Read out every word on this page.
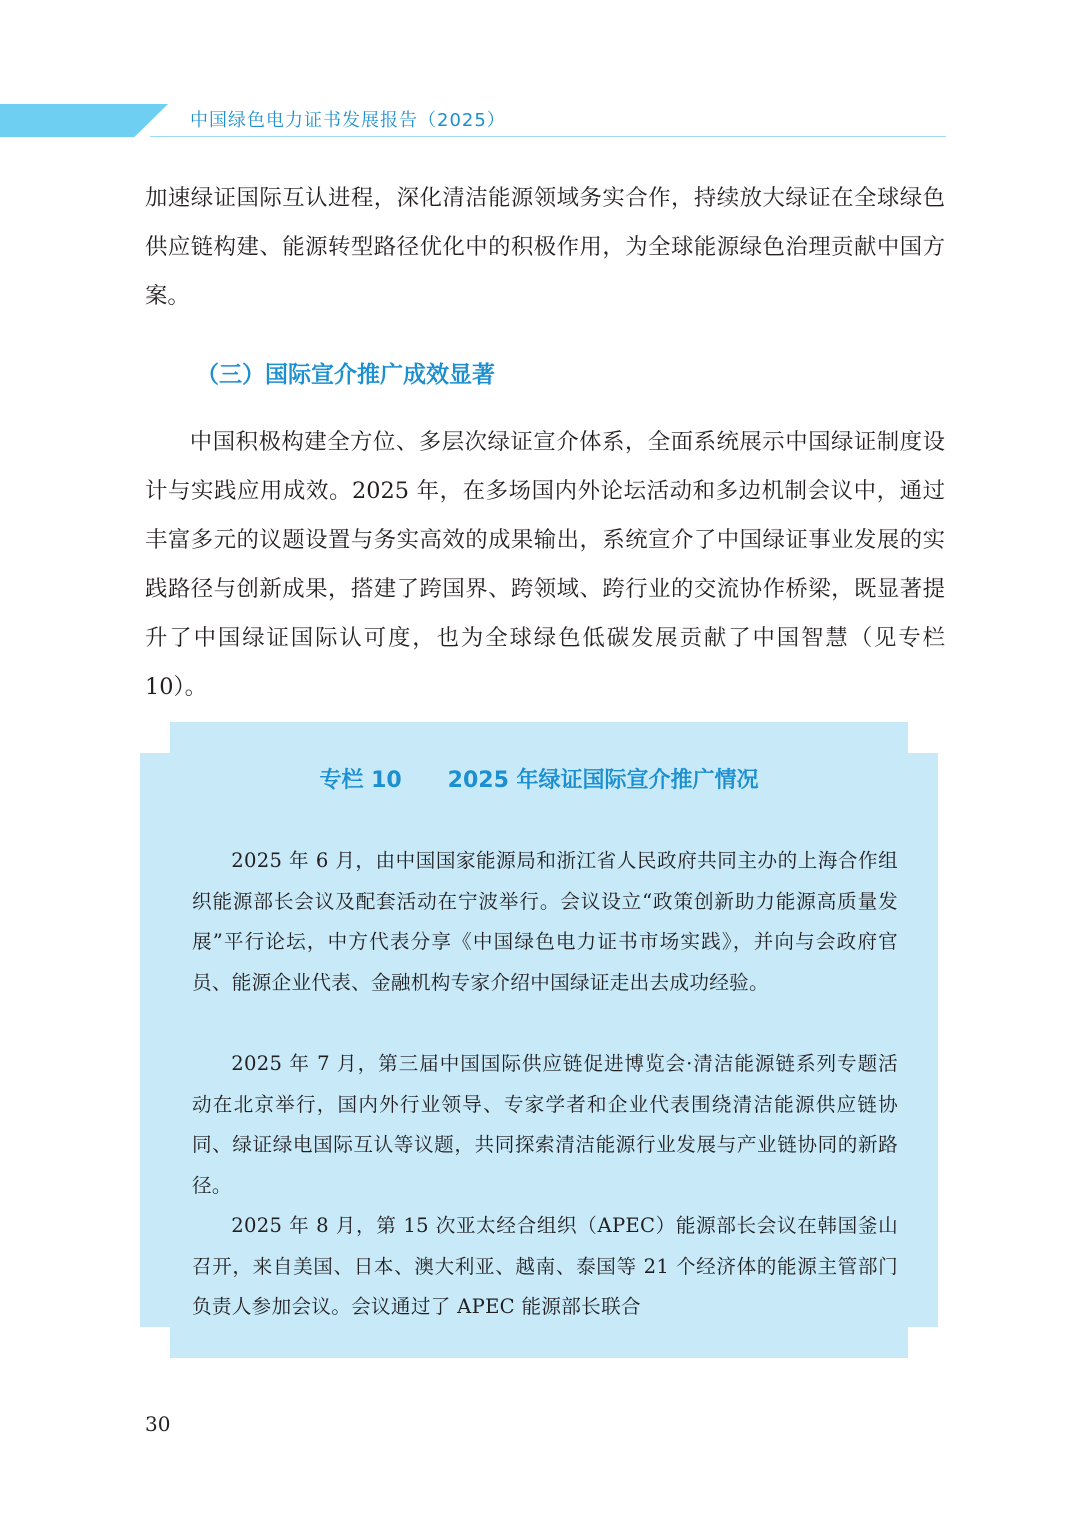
中国绿色电力证书发展报告（2025）

加速绿证国际互认进程，深化清洁能源领域务实合作，持续放大绿证在全球绿色供应链构建、能源转型路径优化中的积极作用，为全球能源绿色治理贡献中国方案。

（三）国际宣介推广成效显著

中国积极构建全方位、多层次绿证宣介体系，全面系统展示中国绿证制度设计与实践应用成效。2025 年，在多场国内外论坛活动和多边机制会议中，通过丰富多元的议题设置与务实高效的成果输出，系统宣介了中国绿证事业发展的实践路径与创新成果，搭建了跨国界、跨领域、跨行业的交流协作桥梁，既显著提升了中国绿证国际认可度，也为全球绿色低碳发展贡献了中国智慧（见专栏 10）。

专栏 10      2025 年绿证国际宣介推广情况

2025 年 6 月，由中国国家能源局和浙江省人民政府共同主办的上海合作组织能源部长会议及配套活动在宁波举行。会议设立“政策创新助力能源高质量发展”平行论坛，中方代表分享《中国绿色电力证书市场实践》，并向与会政府官员、能源企业代表、金融机构专家介绍中国绿证走出去成功经验。

2025 年 7 月，第三届中国国际供应链促进博览会·清洁能源链系列专题活动在北京举行，国内外行业领导、专家学者和企业代表围绕清洁能源供应链协同、绿证绿电国际互认等议题，共同探索清洁能源行业发展与产业链协同的新路径。

2025 年 8 月，第 15 次亚太经合组织（APEC）能源部长会议在韩国釜山召开，来自美国、日本、澳大利亚、越南、泰国等 21 个经济体的能源主管部门负责人参加会议。会议通过了 APEC 能源部长联合

30
